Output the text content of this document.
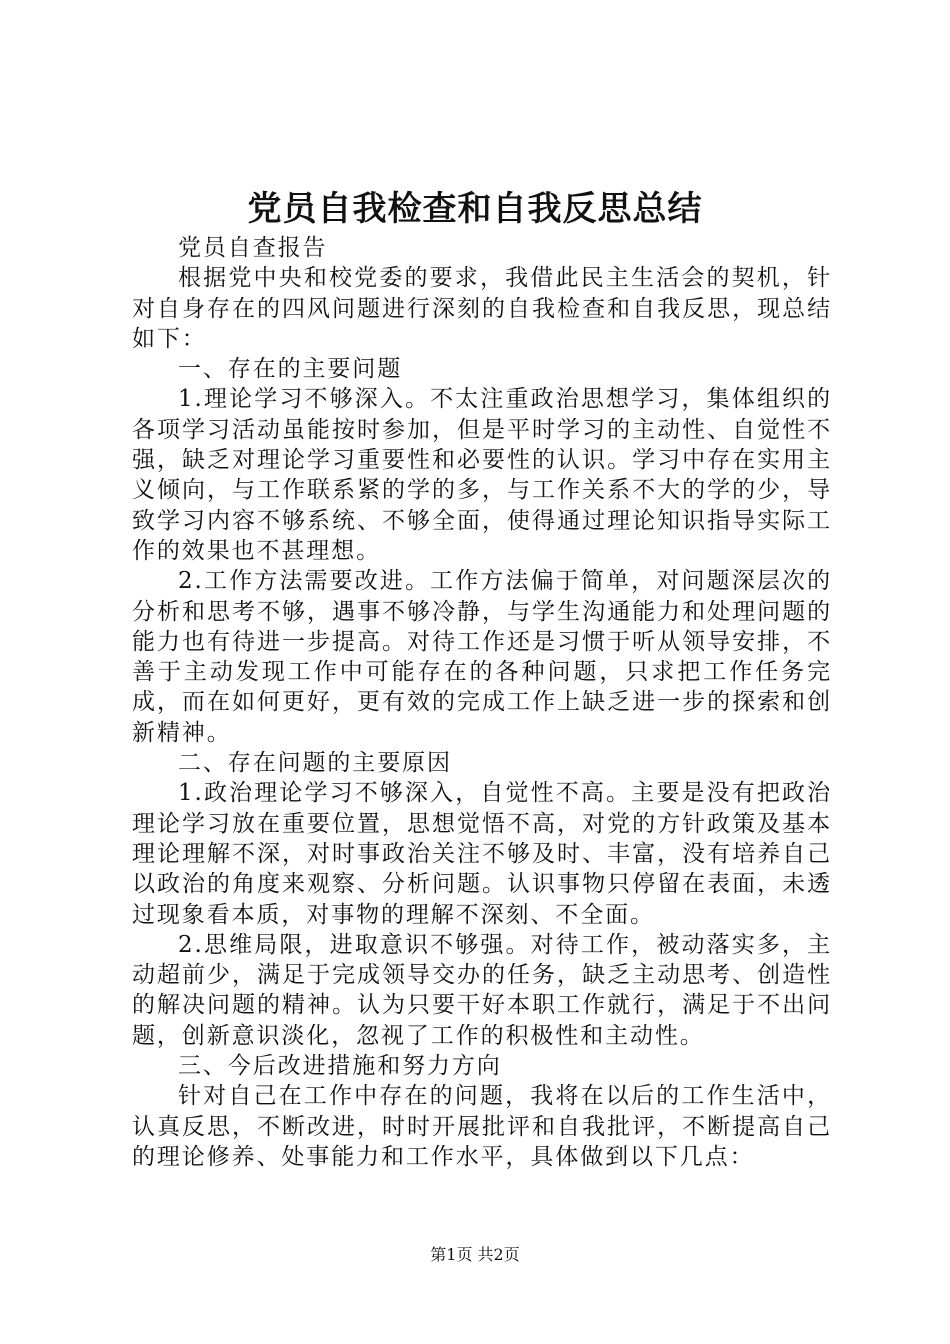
党员自我检查和自我反思总结

党员自查报告

根据党中央和校党委的要求，我借此民主生活会的契机，针对自身存在的四风问题进行深刻的自我检查和自我反思，现总结如下：

一、存在的主要问题

1.理论学习不够深入。不太注重政治思想学习，集体组织的各项学习活动虽能按时参加，但是平时学习的主动性、自觉性不强，缺乏对理论学习重要性和必要性的认识。学习中存在实用主义倾向，与工作联系紧的学的多，与工作关系不大的学的少，导致学习内容不够系统、不够全面，使得通过理论知识指导实际工作的效果也不甚理想。

2.工作方法需要改进。工作方法偏于简单，对问题深层次的分析和思考不够，遇事不够冷静，与学生沟通能力和处理问题的能力也有待进一步提高。对待工作还是习惯于听从领导安排，不善于主动发现工作中可能存在的各种问题，只求把工作任务完成，而在如何更好，更有效的完成工作上缺乏进一步的探索和创新精神。

二、存在问题的主要原因

1.政治理论学习不够深入，自觉性不高。主要是没有把政治理论学习放在重要位置，思想觉悟不高，对党的方针政策及基本理论理解不深，对时事政治关注不够及时、丰富，没有培养自己以政治的角度来观察、分析问题。认识事物只停留在表面，未透过现象看本质，对事物的理解不深刻、不全面。

2.思维局限，进取意识不够强。对待工作，被动落实多，主动超前少，满足于完成领导交办的任务，缺乏主动思考、创造性的解决问题的精神。认为只要干好本职工作就行，满足于不出问题，创新意识淡化，忽视了工作的积极性和主动性。

三、今后改进措施和努力方向

针对自己在工作中存在的问题，我将在以后的工作生活中，认真反思，不断改进，时时开展批评和自我批评，不断提高自己的理论修养、处事能力和工作水平，具体做到以下几点：

第1页 共2页
